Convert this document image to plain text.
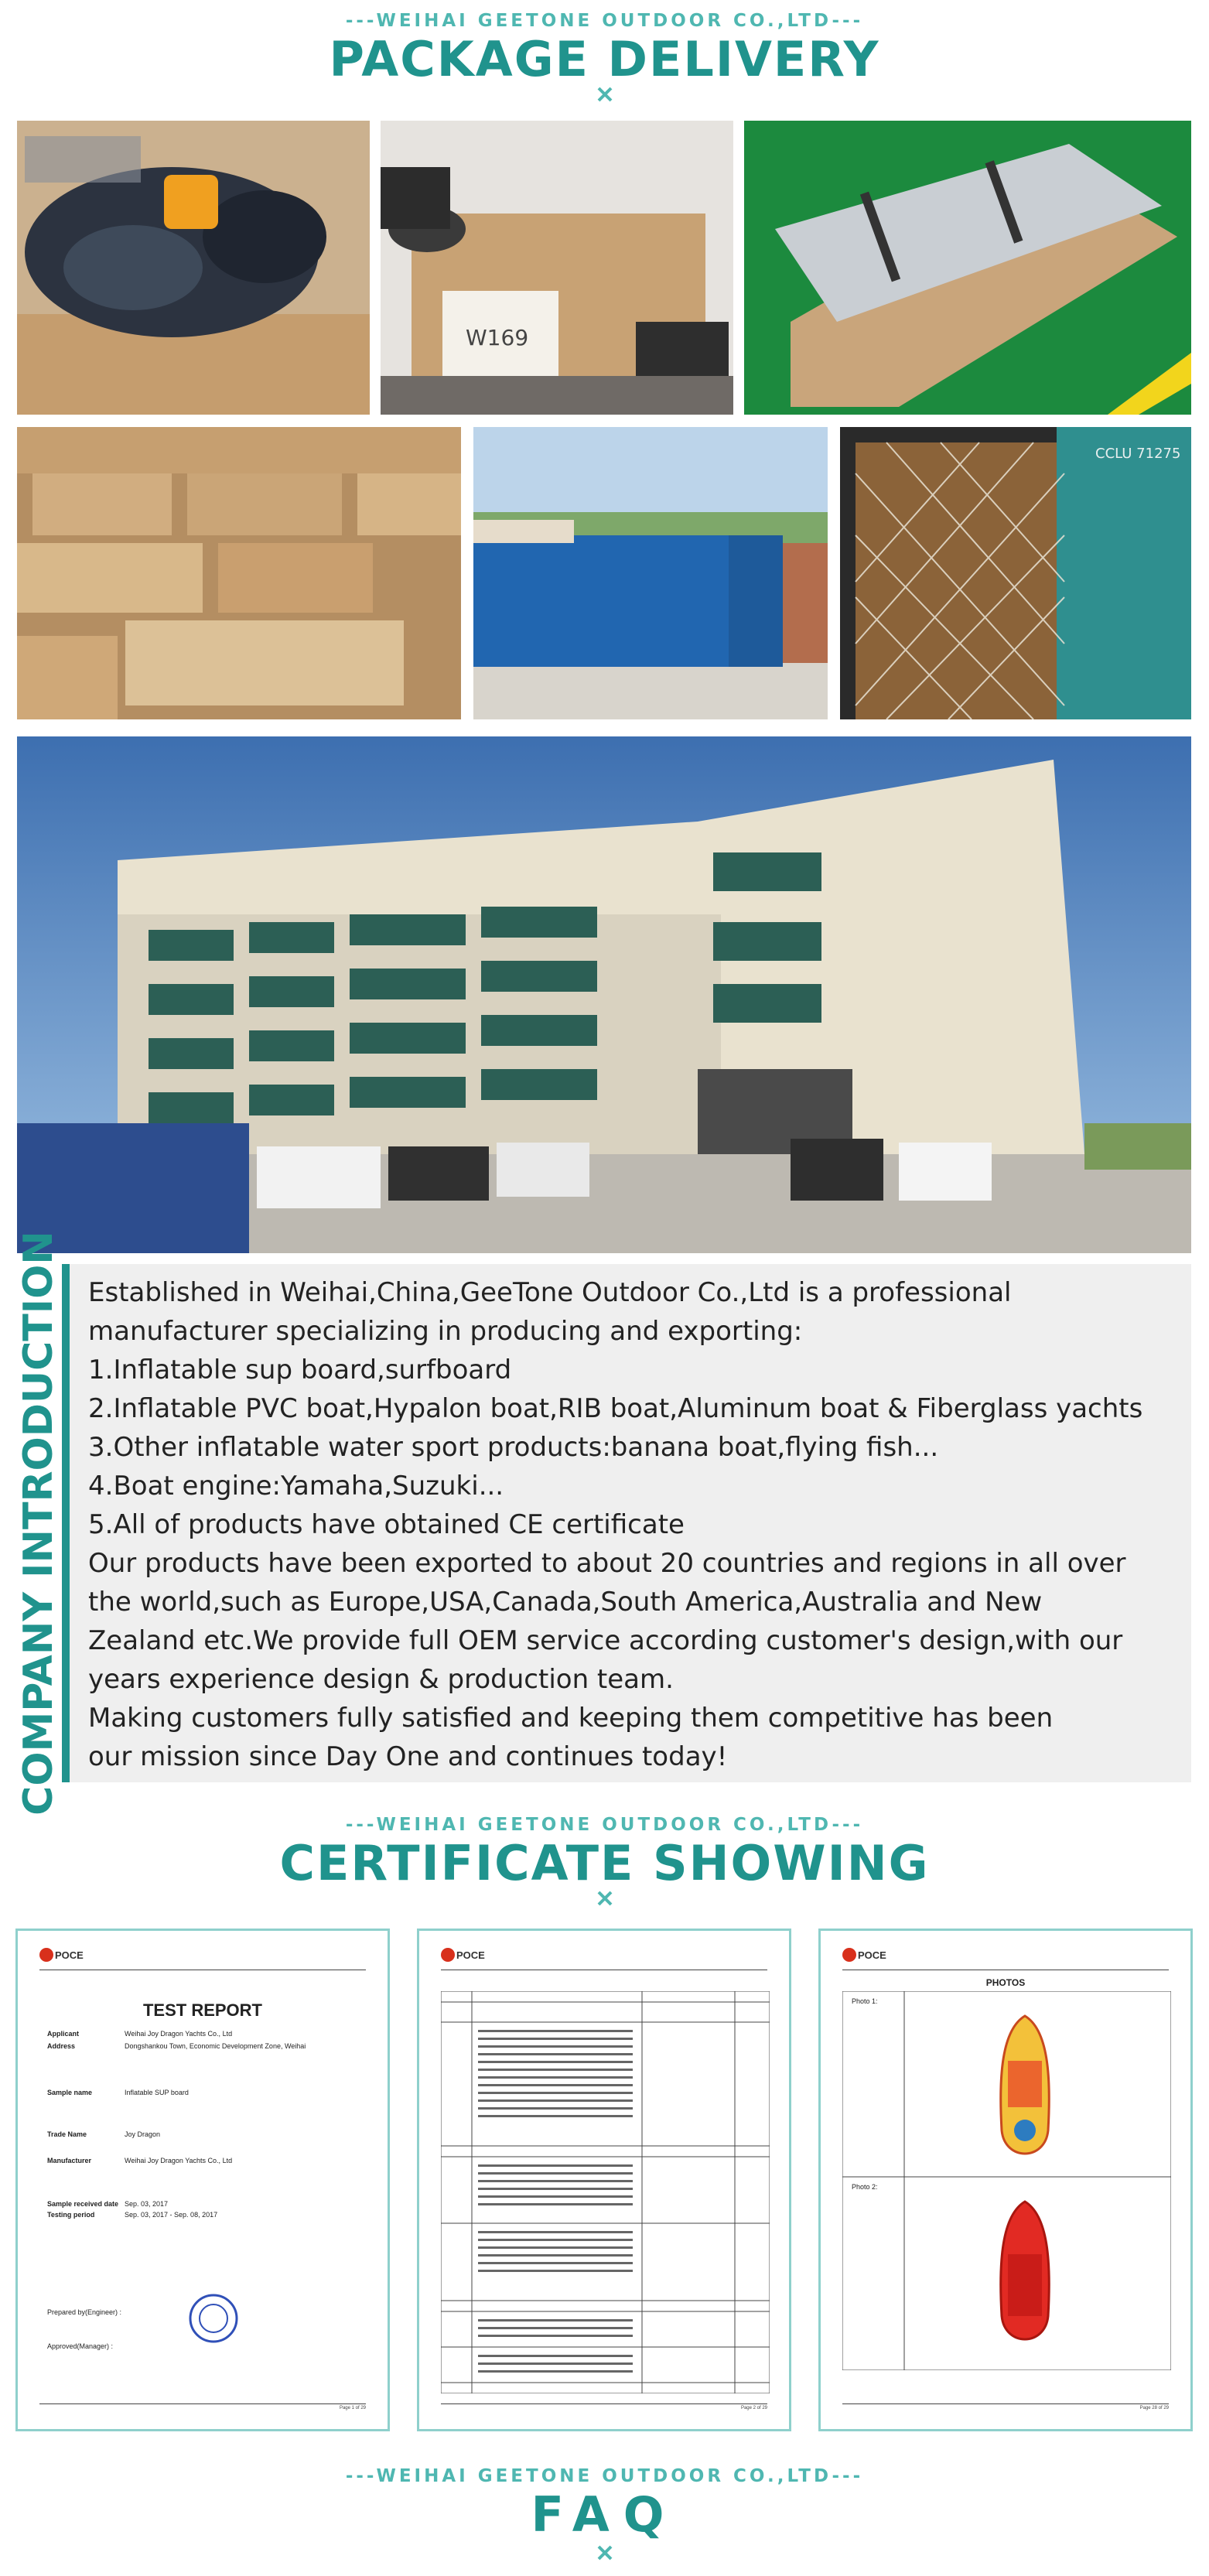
---WEIHAI GEETONE OUTDOOR CO.,LTD---
PACKAGE DELIVERY
W169
CCLU 71275
COMPANY INTRODUCTION Established in Weihai,China,GeeTone Outdoor Co.,Ltd is a professional

manufacturer specializing in producing and exporting:

1.Inflatable sup board,surfboard

2.Inflatable PVC boat,Hypalon boat,RIB boat,Aluminum boat & Fiberglass yachts

3.Other inflatable water sport products:banana boat,flying fish...

4.Boat engine:Yamaha,Suzuki...

5.All of products have obtained CE certificate

Our products have been exported to about 20 countries and regions in all over

the world,such as Europe,USA,Canada,South America,Australia and New

Zealand etc.We provide full OEM service according customer's design,with our

years experience design & production team.

Making customers fully satisfied and keeping them competitive has been

our mission since Day One and continues today!

---WEIHAI GEETONE OUTDOOR CO.,LTD---
CERTIFICATE SHOWING
POCE
TEST REPORT
Applicant	Weihai Joy Dragon Yachts Co., Ltd
Address	Dongshankou Town, Economic Development Zone, Weihai
Sample name	Inflatable SUP board
Trade Name	Joy Dragon
Manufacturer	Weihai Joy Dragon Yachts Co., Ltd
Sample received date Sep. 03, 2017
Testing period	Sep. 03, 2017 - Sep. 08, 2017
Prepared by(Engineer) :
Approved(Manager) :
Page 1 of 29

POCE
Page 2 of 29

POCE
PHOTOS
Photo 1:
Photo 2:
Page 28 of 29

---WEIHAI GEETONE OUTDOOR CO.,LTD---
FAQ
